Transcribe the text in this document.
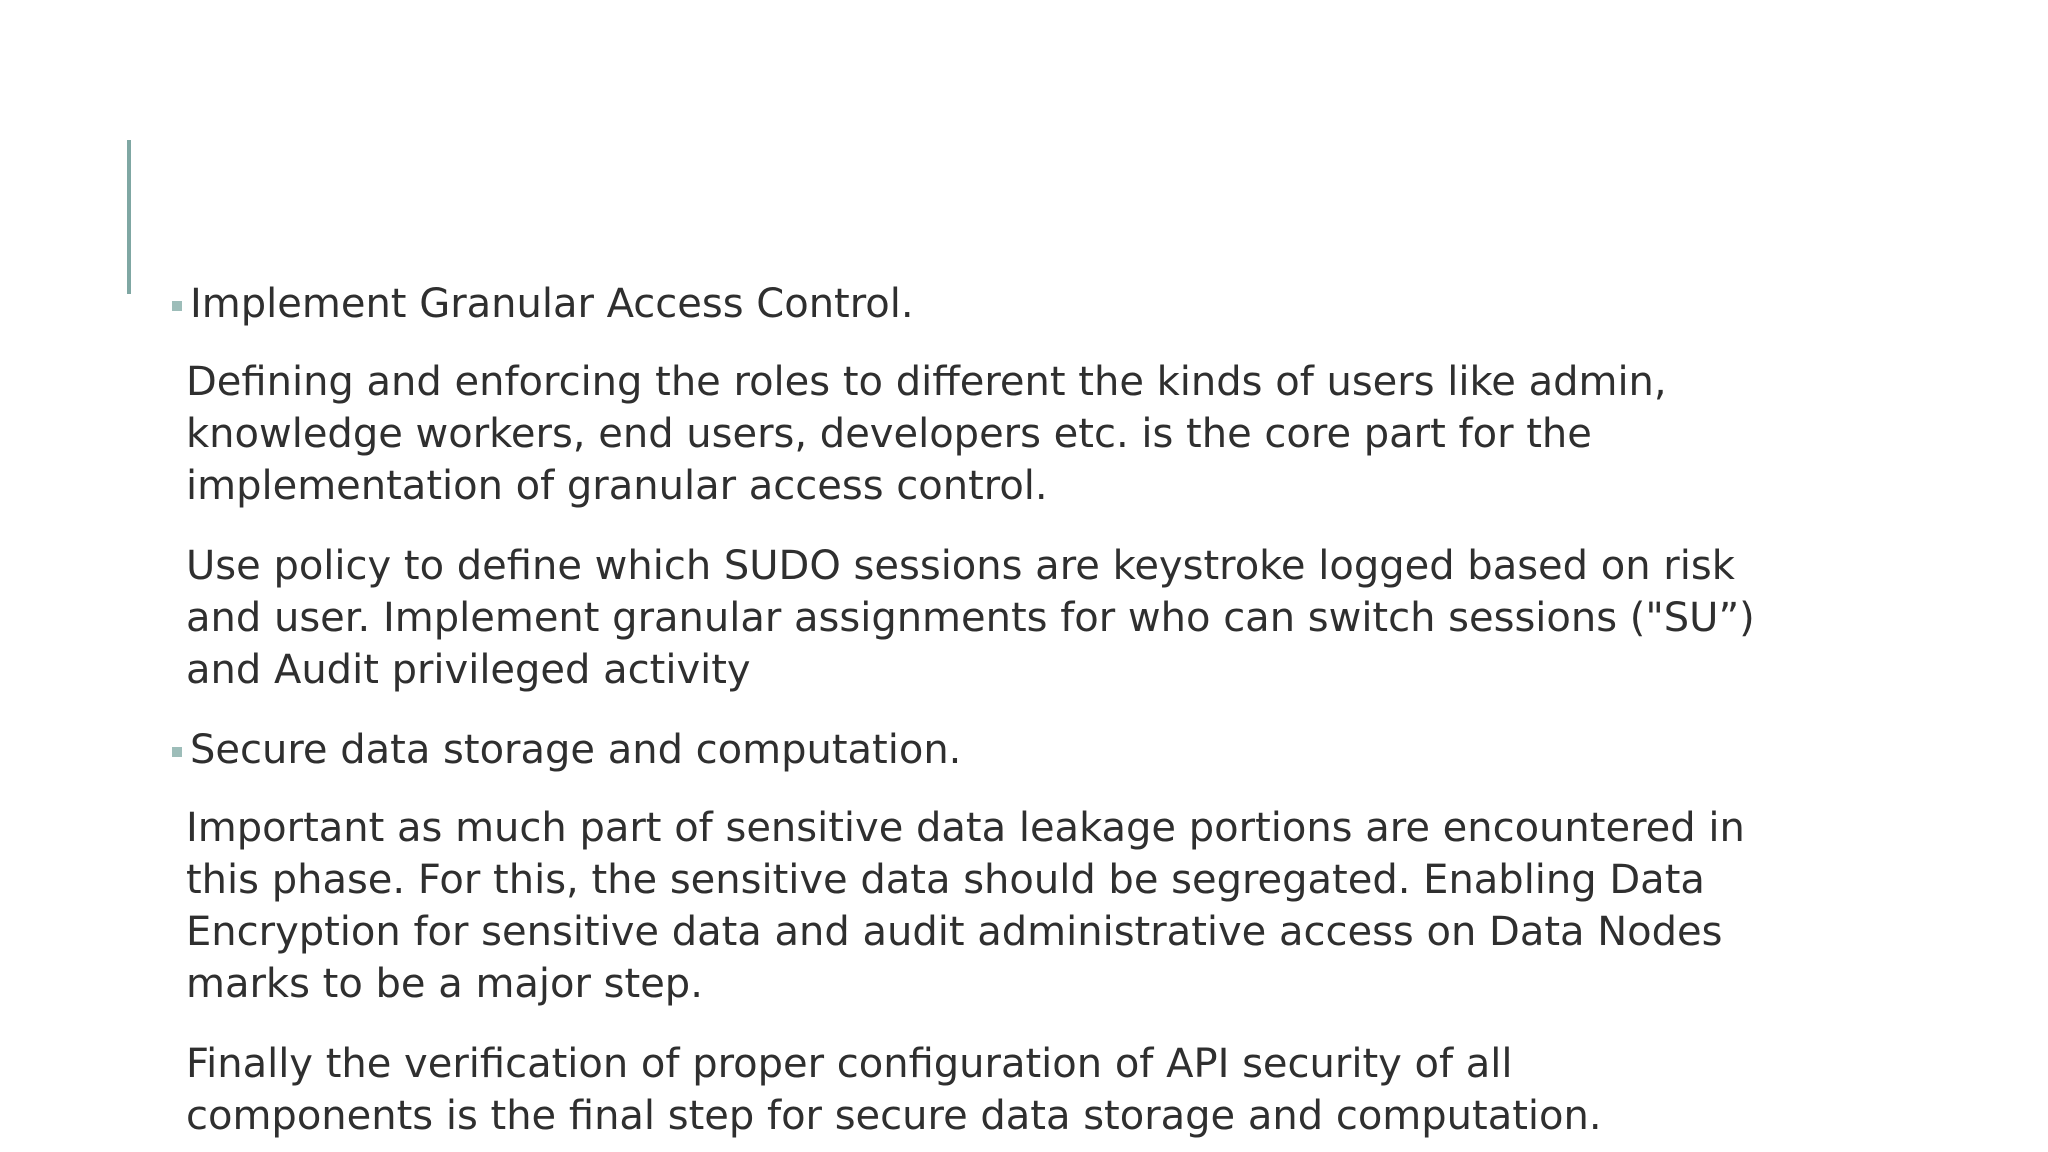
Implement Granular Access Control.

Defining and enforcing the roles to different the kinds of users like admin,
knowledge workers, end users, developers etc. is the core part for the
implementation of granular access control.

Use policy to define which SUDO sessions are keystroke logged based on risk
and user. Implement granular assignments for who can switch sessions ("SU”)
and Audit privileged activity

Secure data storage and computation.

Important as much part of sensitive data leakage portions are encountered in
this phase. For this, the sensitive data should be segregated. Enabling Data
Encryption for sensitive data and audit administrative access on Data Nodes
marks to be a major step.

Finally the verification of proper configuration of API security of all
components is the final step for secure data storage and computation.
